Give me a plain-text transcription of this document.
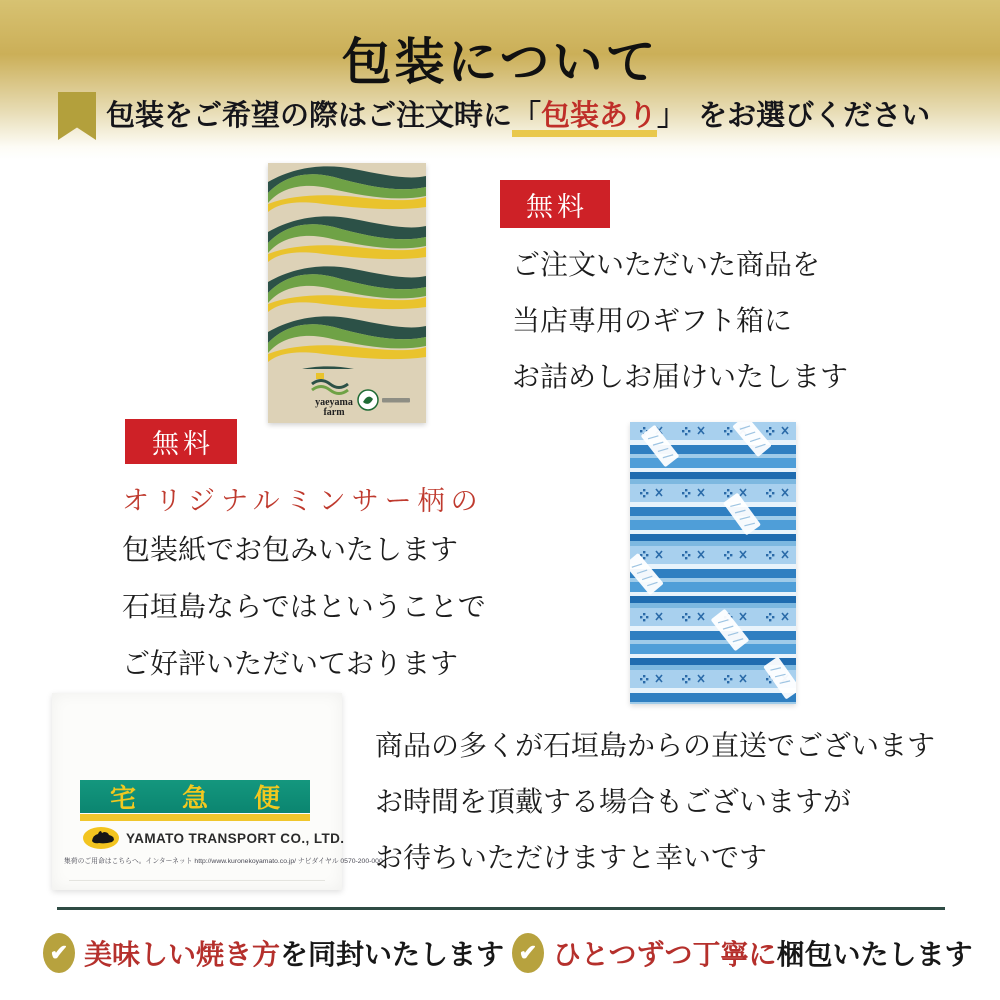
包装について
包装をご希望の際はご注文時に「包装あり」 をお選びください
yaeyama
farm
無料
ご注文いただいた商品を
当店専用のギフト箱に
お詰めしお届けいたします
無料
オリジナルミンサー柄の
包装紙でお包みいたします
石垣島ならではということで
ご好評いただいております
宅急便
YAMATO TRANSPORT CO., LTD.
集荷のご用命はこちらへ。インターネット http://www.kuronekoyamato.co.jp/ ナビダイヤル 0570-200-000
商品の多くが石垣島からの直送でございます
お時間を頂戴する場合もございますが
お待ちいただけますと幸いです
✔ 美味しい焼き方を同封いたします ✔ ひとつずつ丁寧に梱包いたします
